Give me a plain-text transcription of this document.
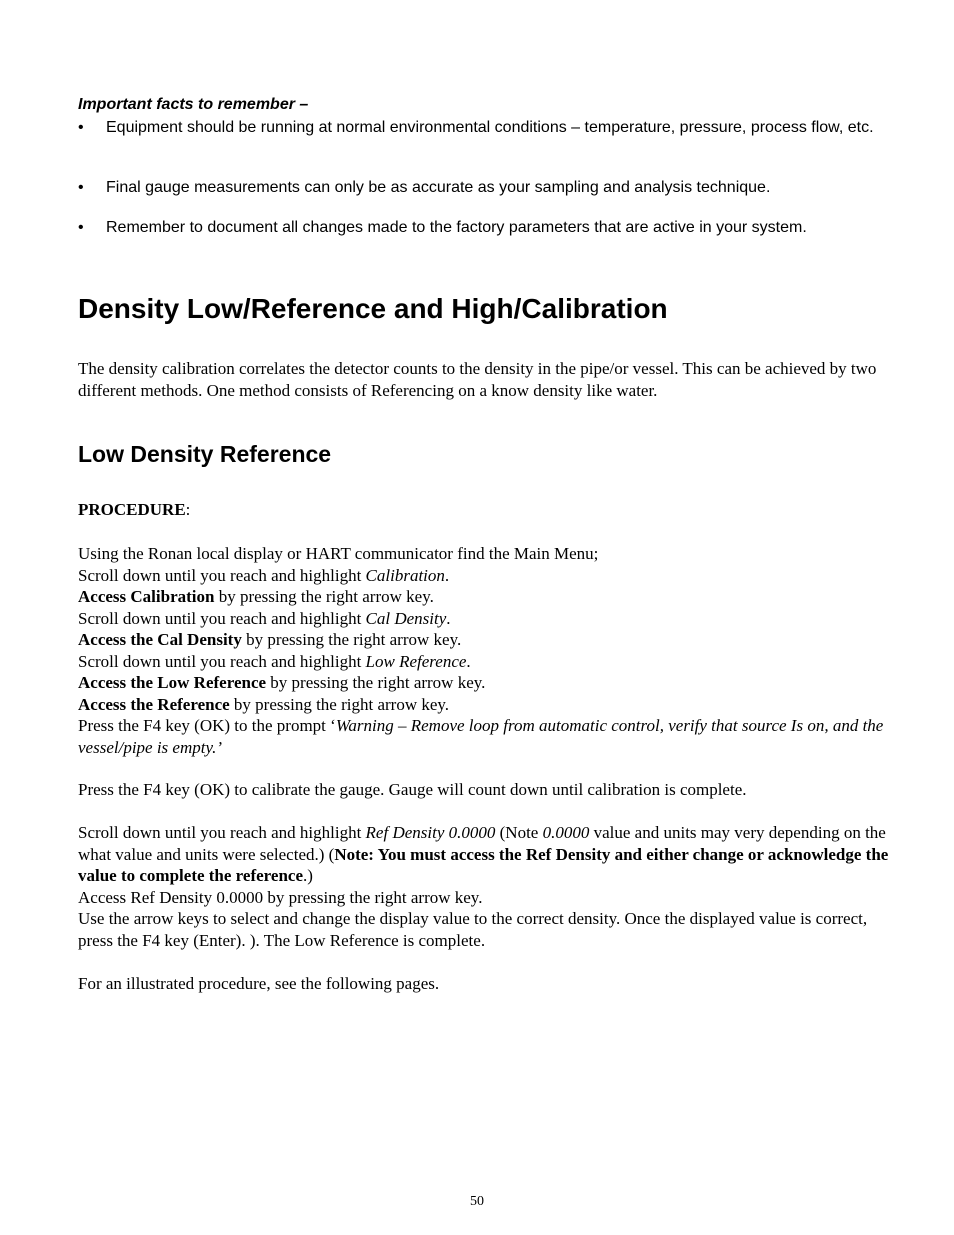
Important facts to remember –
• Equipment should be running at normal environmental conditions – temperature, pressure, process flow, etc.
• Final gauge measurements can only be as accurate as your sampling and analysis technique.
• Remember to document all changes made to the factory parameters that are active in your system.
Density Low/Reference and High/Calibration
The density calibration correlates the detector counts to the density in the pipe/or vessel. This can be achieved by two different methods. One method consists of Referencing on a know density like water.
Low Density Reference
PROCEDURE:
Using the Ronan local display or HART communicator find the Main Menu;
Scroll down until you reach and highlight Calibration.
Access Calibration by pressing the right arrow key.
Scroll down until you reach and highlight Cal Density.
Access the Cal Density by pressing the right arrow key.
Scroll down until you reach and highlight Low Reference.
Access the Low Reference by pressing the right arrow key.
Access the Reference by pressing the right arrow key.
Press the F4 key (OK) to the prompt ‘Warning – Remove loop from automatic control, verify that source Is on, and the vessel/pipe is empty.’
Press the F4 key (OK) to calibrate the gauge. Gauge will count down until calibration is complete.
Scroll down until you reach and highlight Ref Density 0.0000 (Note 0.0000 value and units may very depending on the what value and units were selected.) (Note: You must access the Ref Density and either change or acknowledge the value to complete the reference.)
Access Ref Density 0.0000 by pressing the right arrow key.
Use the arrow keys to select and change the display value to the correct density. Once the displayed value is correct, press the F4 key (Enter). ). The Low Reference is complete.
For an illustrated procedure, see the following pages.
50
